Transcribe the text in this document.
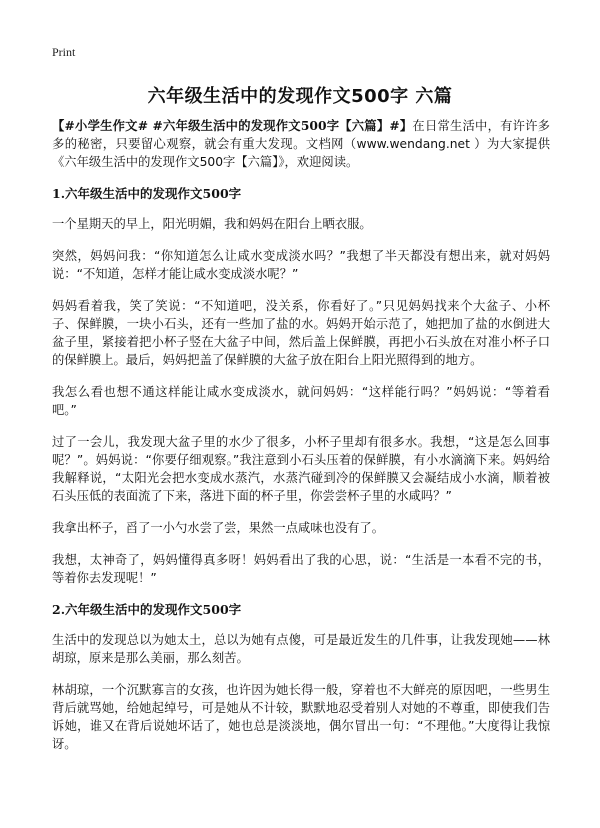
Print
六年级生活中的发现作文500字 六篇

【#小学生作文# #六年级生活中的发现作文500字【六篇】#】在日常生活中，有许许多多的秘密，只要留心观察，就会有重大发现。文档网（www.wendang.net ）为大家提供《六年级生活中的发现作文500字【六篇】》，欢迎阅读。

1.六年级生活中的发现作文500字

一个星期天的早上，阳光明媚，我和妈妈在阳台上晒衣服。

突然，妈妈问我：“你知道怎么让咸水变成淡水吗？”我想了半天都没有想出来，就对妈妈说：“不知道，怎样才能让咸水变成淡水呢？”

妈妈看着我，笑了笑说：“不知道吧，没关系，你看好了。”只见妈妈找来个大盆子、小杯子、保鲜膜，一块小石头，还有一些加了盐的水。妈妈开始示范了，她把加了盐的水倒进大盆子里，紧接着把小杯子竖在大盆子中间，然后盖上保鲜膜，再把小石头放在对准小杯子口的保鲜膜上。最后，妈妈把盖了保鲜膜的大盆子放在阳台上阳光照得到的地方。

我怎么看也想不通这样能让咸水变成淡水，就问妈妈：“这样能行吗？”妈妈说：“等着看吧。”

过了一会儿，我发现大盆子里的水少了很多，小杯子里却有很多水。我想，“这是怎么回事呢？”。妈妈说：“你要仔细观察。”我注意到小石头压着的保鲜膜，有小水滴滴下来。妈妈给我解释说，“太阳光会把水变成水蒸汽，水蒸汽碰到冷的保鲜膜又会凝结成小水滴，顺着被石头压低的表面流了下来，落进下面的杯子里，你尝尝杯子里的水咸吗？”

我拿出杯子，舀了一小勺水尝了尝，果然一点咸味也没有了。

我想，太神奇了，妈妈懂得真多呀！妈妈看出了我的心思，说：“生活是一本看不完的书，等着你去发现呢！”

2.六年级生活中的发现作文500字

生活中的发现总以为她太土，总以为她有点傻，可是最近发生的几件事，让我发现她——林胡琼，原来是那么美丽，那么刻苦。

林胡琼，一个沉默寡言的女孩，也许因为她长得一般，穿着也不大鲜亮的原因吧，一些男生背后就骂她，给她起绰号，可是她从不计较，默默地忍受着别人对她的不尊重，即使我们告诉她，谁又在背后说她坏话了，她也总是淡淡地，偶尔冒出一句：“不理他。”大度得让我惊讶。
